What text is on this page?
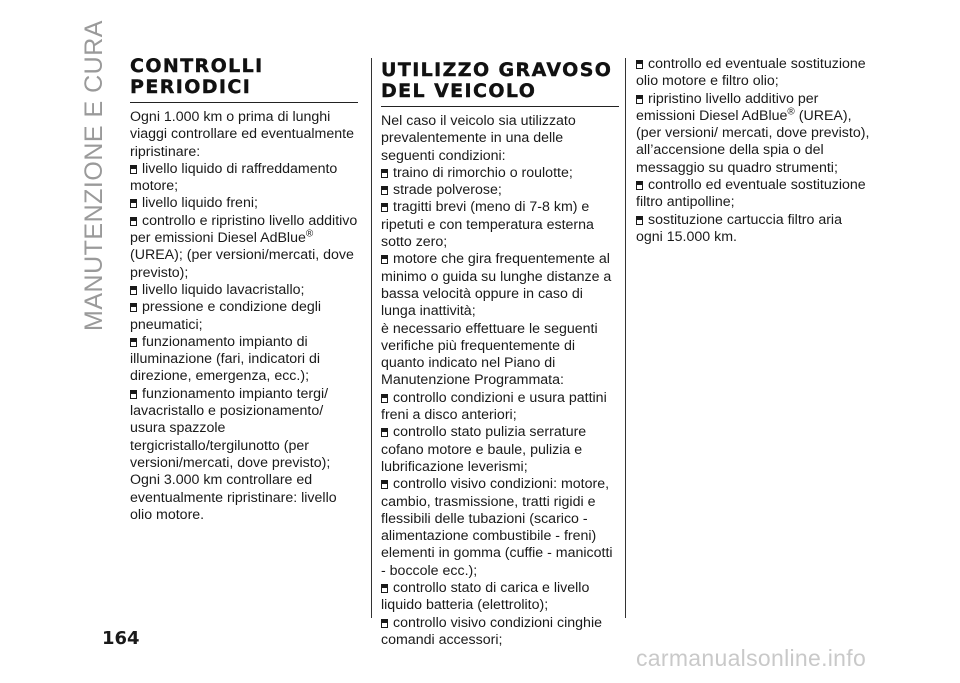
MANUTENZIONE E CURA CONTROLLI
PERIODICI

Ogni 1.000 km o prima di lunghi viaggi controllare ed eventualmente ripristinare:

livello liquido di raffreddamento motore;

livello liquido freni;

controllo e ripristino livello additivo per emissioni Diesel AdBlue® (UREA); (per versioni/mercati, dove previsto);

livello liquido lavacristallo;

pressione e condizione degli pneumatici;

funzionamento impianto di illuminazione (fari, indicatori di direzione, emergenza, ecc.);

funzionamento impianto tergi/ lavacristallo e posizionamento/ usura spazzole tergicristallo/tergilunotto (per versioni/mercati, dove previsto);

Ogni 3.000 km controllare ed eventualmente ripristinare: livello olio motore.

UTILIZZO GRAVOSO
DEL VEICOLO

Nel caso il veicolo sia utilizzato prevalentemente in una delle seguenti condizioni:

traino di rimorchio o roulotte;

strade polverose;

tragitti brevi (meno di 7-8 km) e ripetuti e con temperatura esterna sotto zero;

motore che gira frequentemente al minimo o guida su lunghe distanze a bassa velocità oppure in caso di lunga inattività;

è necessario effettuare le seguenti verifiche più frequentemente di quanto indicato nel Piano di Manutenzione Programmata:

controllo condizioni e usura pattini freni a disco anteriori;

controllo stato pulizia serrature cofano motore e baule, pulizia e lubrificazione leverismi;

controllo visivo condizioni: motore, cambio, trasmissione, tratti rigidi e flessibili delle tubazioni (scarico - alimentazione combustibile - freni) elementi in gomma (cuffie - manicotti - boccole ecc.);

controllo stato di carica e livello liquido batteria (elettrolito);

controllo visivo condizioni cinghie comandi accessori;

controllo ed eventuale sostituzione olio motore e filtro olio;

ripristino livello additivo per emissioni Diesel AdBlue® (UREA), (per versioni/ mercati, dove previsto), all’accensione della spia o del messaggio su quadro strumenti;

controllo ed eventuale sostituzione filtro antipolline;

sostituzione cartuccia filtro aria ogni 15.000 km.

164
carmanualsonline.info
